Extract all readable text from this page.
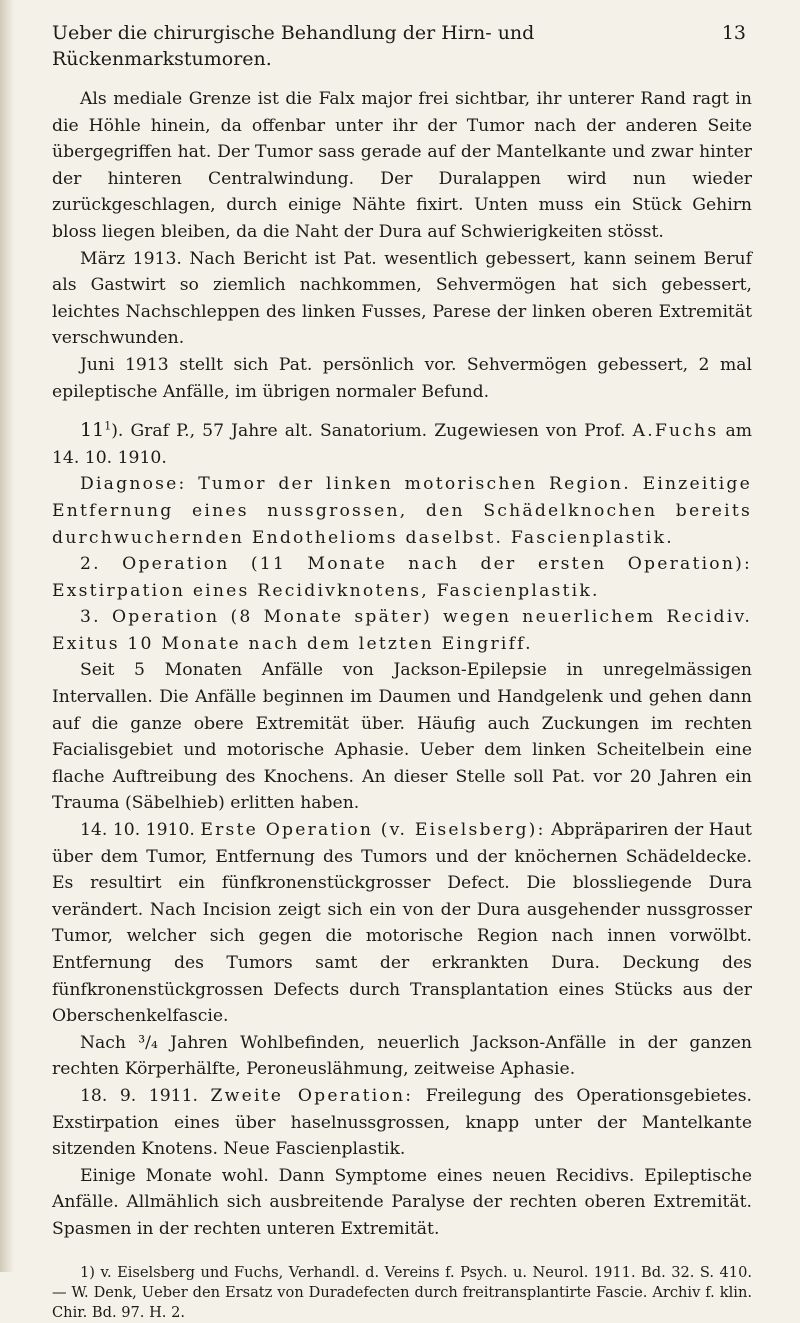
Ueber die chirurgische Behandlung der Hirn- und Rückenmarkstumoren.
13

Als mediale Grenze ist die Falx major frei sichtbar, ihr unterer Rand ragt in die Höhle hinein, da offenbar unter ihr der Tumor nach der anderen Seite übergegriffen hat. Der Tumor sass gerade auf der Mantelkante und zwar hinter der hinteren Centralwindung. Der Duralappen wird nun wieder zurückgeschlagen, durch einige Nähte fixirt. Unten muss ein Stück Gehirn bloss liegen bleiben, da die Naht der Dura auf Schwierigkeiten stösst.

März 1913. Nach Bericht ist Pat. wesentlich gebessert, kann seinem Beruf als Gastwirt so ziemlich nachkommen, Sehvermögen hat sich gebessert, leichtes Nachschleppen des linken Fusses, Parese der linken oberen Extremität verschwunden.

Juni 1913 stellt sich Pat. persönlich vor. Sehvermögen gebessert, 2 mal epileptische Anfälle, im übrigen normaler Befund.

$11^1$). Graf P., 57 Jahre alt. Sanatorium. Zugewiesen von Prof. A.Fuchs am 14. 10. 1910.

Diagnose: Tumor der linken motorischen Region. Einzeitige Entfernung eines nussgrossen, den Schädelknochen bereits durchwuchernden Endothelioms daselbst. Fascienplastik.

2. Operation (11 Monate nach der ersten Operation): Exstirpation eines Recidivknotens, Fascienplastik.

3. Operation (8 Monate später) wegen neuerlichem Recidiv. Exitus 10 Monate nach dem letzten Eingriff.

Seit 5 Monaten Anfälle von Jackson-Epilepsie in unregelmässigen Intervallen. Die Anfälle beginnen im Daumen und Handgelenk und gehen dann auf die ganze obere Extremität über. Häufig auch Zuckungen im rechten Facialisgebiet und motorische Aphasie. Ueber dem linken Scheitelbein eine flache Auftreibung des Knochens. An dieser Stelle soll Pat. vor 20 Jahren ein Trauma (Säbelhieb) erlitten haben.

14. 10. 1910. Erste Operation (v. Eiselsberg): Abpräpariren der Haut über dem Tumor, Entfernung des Tumors und der knöchernen Schädeldecke. Es resultirt ein fünfkronenstückgrosser Defect. Die blossliegende Dura verändert. Nach Incision zeigt sich ein von der Dura ausgehender nussgrosser Tumor, welcher sich gegen die motorische Region nach innen vorwölbt. Entfernung des Tumors samt der erkrankten Dura. Deckung des fünfkronenstückgrossen Defects durch Transplantation eines Stücks aus der Oberschenkelfascie.

Nach ³/₄ Jahren Wohlbefinden, neuerlich Jackson-Anfälle in der ganzen rechten Körperhälfte, Peroneuslähmung, zeitweise Aphasie.

18. 9. 1911. Zweite Operation: Freilegung des Operationsgebietes. Exstirpation eines über haselnussgrossen, knapp unter der Mantelkante sitzenden Knotens. Neue Fascienplastik.

Einige Monate wohl. Dann Symptome eines neuen Recidivs. Epileptische Anfälle. Allmählich sich ausbreitende Paralyse der rechten oberen Extremität. Spasmen in der rechten unteren Extremität.

1) v. Eiselsberg und Fuchs, Verhandl. d. Vereins f. Psych. u. Neurol. 1911. Bd. 32. S. 410. — W. Denk, Ueber den Ersatz von Duradefecten durch freitransplantirte Fascie. Archiv f. klin. Chir. Bd. 97. H. 2.
